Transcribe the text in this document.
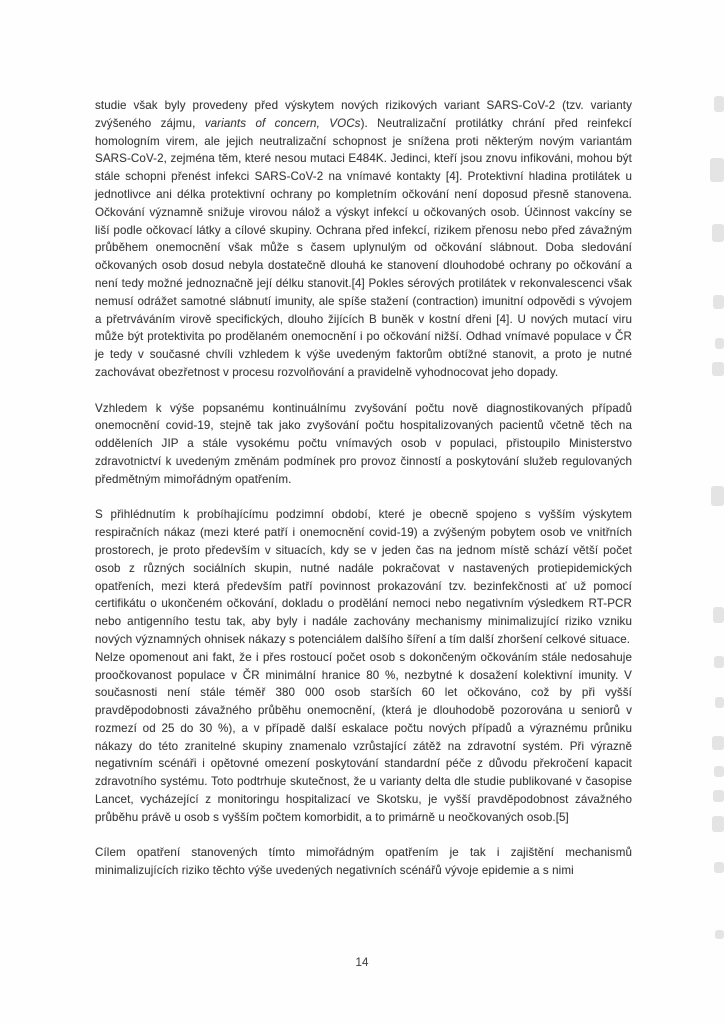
studie však byly provedeny před výskytem nových rizikových variant SARS-CoV-2 (tzv. varianty zvýšeného zájmu, variants of concern, VOCs). Neutralizační protilátky chrání před reinfekcí homologním virem, ale jejich neutralizační schopnost je snížena proti některým novým variantám SARS-CoV-2, zejména těm, které nesou mutaci E484K. Jedinci, kteří jsou znovu infikováni, mohou být stále schopni přenést infekci SARS-CoV-2 na vnímavé kontakty [4]. Protektivní hladina protilátek u jednotlivce ani délka protektivní ochrany po kompletním očkování není doposud přesně stanovena. Očkování významně snižuje virovou nálož a výskyt infekcí u očkovaných osob. Účinnost vakcíny se liší podle očkovací látky a cílové skupiny. Ochrana před infekcí, rizikem přenosu nebo před závažným průběhem onemocnění však může s časem uplynulým od očkování slábnout. Doba sledování očkovaných osob dosud nebyla dostatečně dlouhá ke stanovení dlouhodobé ochrany po očkování a není tedy možné jednoznačně její délku stanovit.[4] Pokles sérových protilátek v rekonvalescenci však nemusí odrážet samotné slábnutí imunity, ale spíše stažení (contraction) imunitní odpovědi s vývojem a přetrváváním virově specifických, dlouho žijících B buněk v kostní dřeni [4]. U nových mutací viru může být protektivita po prodělaném onemocnění i po očkování nižší. Odhad vnímavé populace v ČR je tedy v současné chvíli vzhledem k výše uvedeným faktorům obtížné stanovit, a proto je nutné zachovávat obezřetnost v procesu rozvolňování a pravidelně vyhodnocovat jeho dopady.

Vzhledem k výše popsanému kontinuálnímu zvyšování počtu nově diagnostikovaných případů onemocnění covid-19, stejně tak jako zvyšování počtu hospitalizovaných pacientů včetně těch na odděleních JIP a stále vysokému počtu vnímavých osob v populaci, přistoupilo Ministerstvo zdravotnictví k uvedeným změnám podmínek pro provoz činností a poskytování služeb regulovaných předmětným mimořádným opatřením.

S přihlédnutím k probíhajícímu podzimní období, které je obecně spojeno s vyšším výskytem respiračních nákaz (mezi které patří i onemocnění covid-19) a zvýšeným pobytem osob ve vnitřních prostorech, je proto především v situacích, kdy se v jeden čas na jednom místě schází větší počet osob z různých sociálních skupin, nutné nadále pokračovat v nastavených protiepidemických opatřeních, mezi která především patří povinnost prokazování tzv. bezinfekčnosti ať už pomocí certifikátu o ukončeném očkování, dokladu o prodělání nemoci nebo negativním výsledkem RT-PCR nebo antigenního testu tak, aby byly i nadále zachovány mechanismy minimalizující riziko vzniku nových významných ohnisek nákazy s potenciálem dalšího šíření a tím další zhoršení celkové situace.

Nelze opomenout ani fakt, že i přes rostoucí počet osob s dokončeným očkováním stále nedosahuje proočkovanost populace v ČR minimální hranice 80 %, nezbytné k dosažení kolektivní imunity. V současnosti není stále téměř 380 000 osob starších 60 let očkováno, což by při vyšší pravděpodobnosti závažného průběhu onemocnění, (která je dlouhodobě pozorována u seniorů v rozmezí od 25 do 30 %), a v případě další eskalace počtu nových případů a výraznému průniku nákazy do této zranitelné skupiny znamenalo vzrůstající zátěž na zdravotní systém. Při výrazně negativním scénáři i opětovné omezení poskytování standardní péče z důvodu překročení kapacit zdravotního systému. Toto podtrhuje skutečnost, že u varianty delta dle studie publikované v časopise Lancet, vycházející z monitoringu hospitalizací ve Skotsku, je vyšší pravděpodobnost závažného průběhu právě u osob s vyšším počtem komorbidit, a to primárně u neočkovaných osob.[5]

Cílem opatření stanovených tímto mimořádným opatřením je tak i zajištění mechanismů minimalizujících riziko těchto výše uvedených negativních scénářů vývoje epidemie a s nimi

14
